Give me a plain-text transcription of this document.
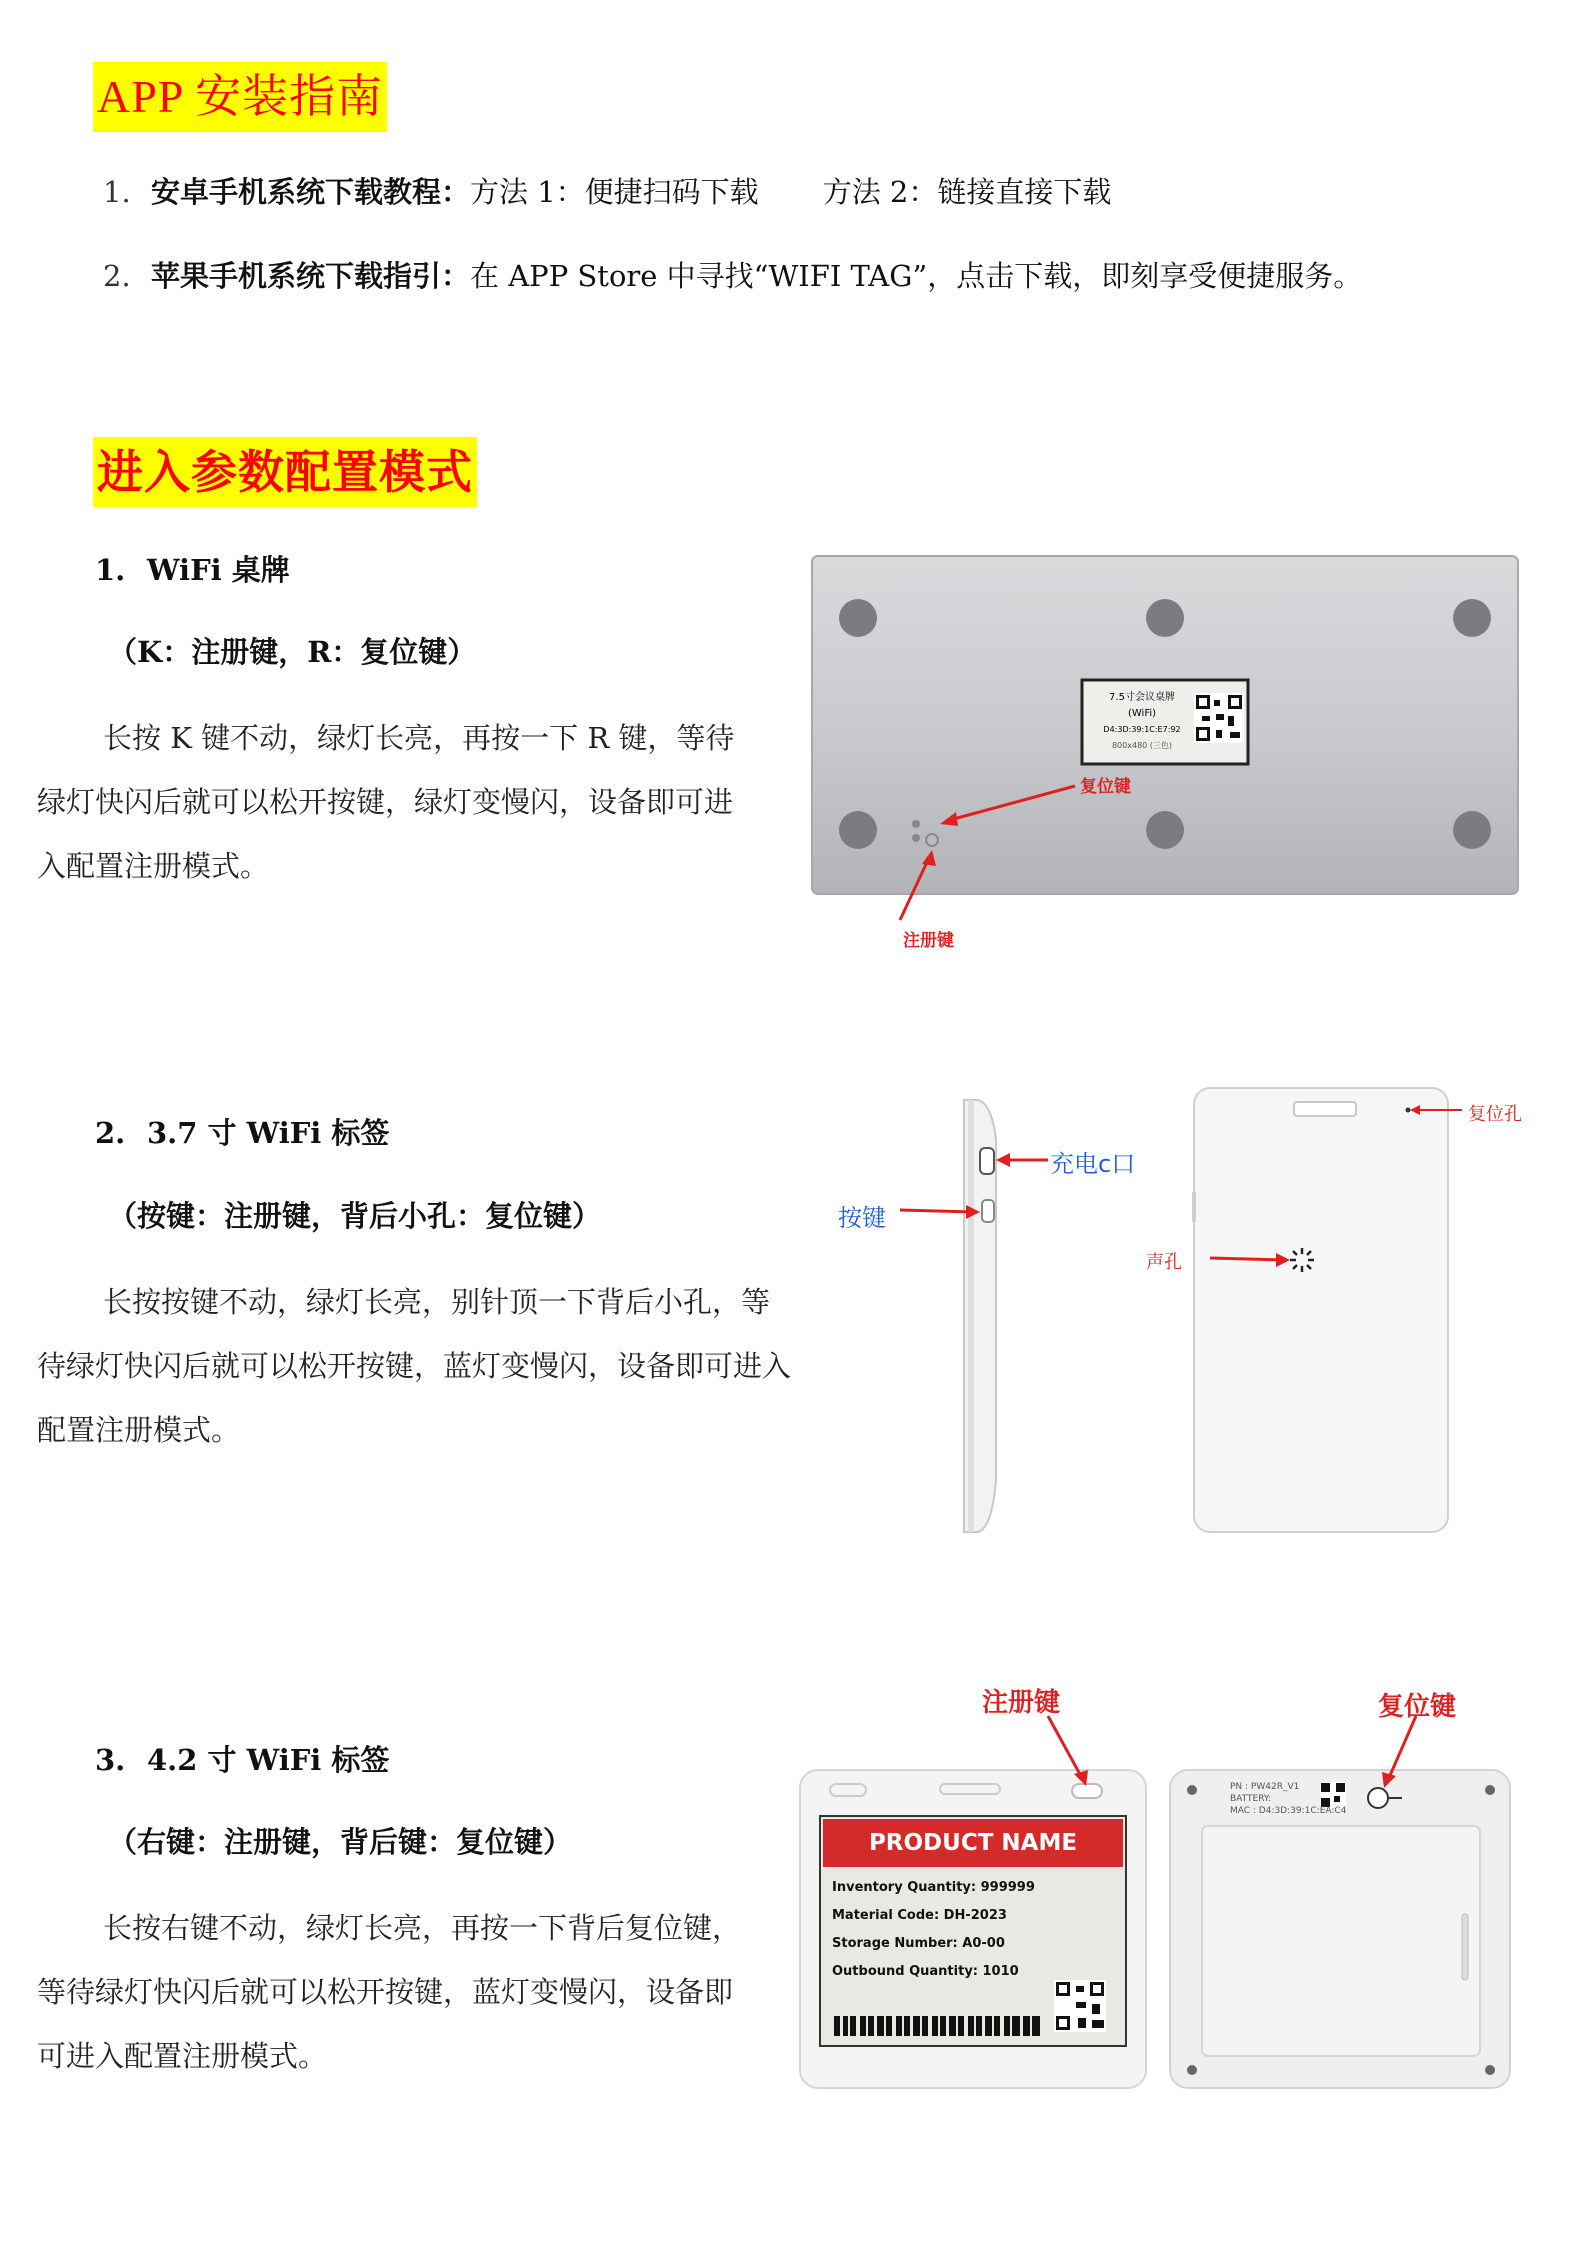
APP 安装指南
1. 安卓手机系统下载教程：方法 1：便捷扫码下载 方法 2：链接直接下载
2. 苹果手机系统下载指引：在 APP Store 中寻找“WIFI TAG”，点击下载，即刻享受便捷服务。
进入参数配置模式
1. WiFi 桌牌
（K：注册键，R：复位键）
长按 K 键不动，绿灯长亮，再按一下 R 键，等待绿灯快闪后就可以松开按键，绿灯变慢闪，设备即可进入配置注册模式。
7.5寸会议桌牌
(WiFi)
D4:3D:39:1C:E7:92
800x480 (三色)
复位键
注册键
2. 3.7 寸 WiFi 标签
（按键：注册键，背后小孔：复位键）
长按按键不动，绿灯长亮，别针顶一下背后小孔，等待绿灯快闪后就可以松开按键，蓝灯变慢闪，设备即可进入配置注册模式。
充电c口
按键
声孔
复位孔
3. 4.2 寸 WiFi 标签
（右键：注册键，背后键：复位键）
长按右键不动，绿灯长亮，再按一下背后复位键，等待绿灯快闪后就可以松开按键，蓝灯变慢闪，设备即可进入配置注册模式。
注册键	复位键
PRODUCT NAME
Inventory Quantity: 999999
Material Code: DH-2023
Storage Number: A0-00
Outbound Quantity: 1010
PN : PW42R_V1
BATTERY:
MAC : D4:3D:39:1C:EA:C4
